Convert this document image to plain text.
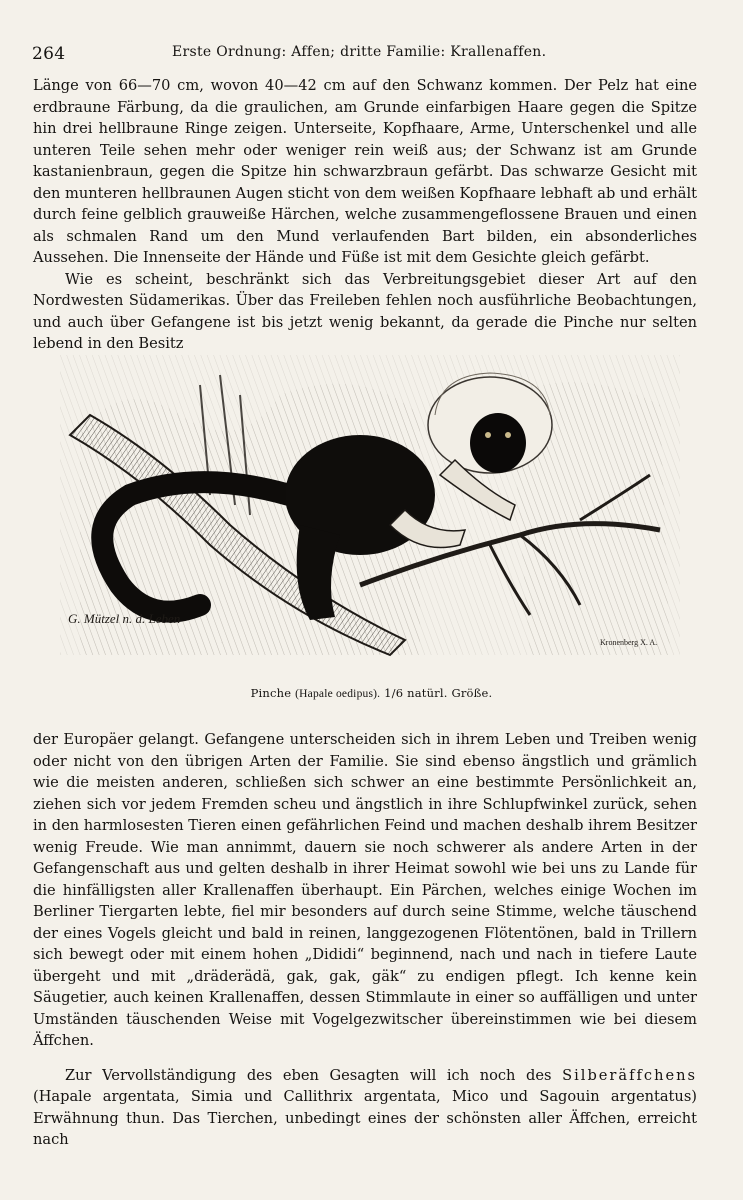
264	Erste Ordnung: Affen; dritte Familie: Krallenaffen.

Länge von 66—70 cm, wovon 40—42 cm auf den Schwanz kommen. Der Pelz hat eine erdbraune Färbung, da die graulichen, am Grunde einfarbigen Haare gegen die Spitze hin drei hellbraune Ringe zeigen. Unterseite, Kopfhaare, Arme, Unterschenkel und alle unteren Teile sehen mehr oder weniger rein weiß aus; der Schwanz ist am Grunde kastanienbraun, gegen die Spitze hin schwarzbraun gefärbt. Das schwarze Gesicht mit den munteren hellbraunen Augen sticht von dem weißen Kopfhaare lebhaft ab und erhält durch feine gelblich grauweiße Härchen, welche zusammengeflossene Brauen und einen als schmalen Rand um den Mund verlaufenden Bart bilden, ein absonderliches Aussehen. Die Innenseite der Hände und Füße ist mit dem Gesichte gleich gefärbt.

Wie es scheint, beschränkt sich das Verbreitungsgebiet dieser Art auf den Nordwesten Südamerikas. Über das Freileben fehlen noch ausführliche Beobachtungen, und auch über Gefangene ist bis jetzt wenig bekannt, da gerade die Pinche nur selten lebend in den Besitz

G. Mützel n. d. Leben
Kronenberg X. A.
Pinche (Hapale oedipus). 1/6 natürl. Größe.

der Europäer gelangt. Gefangene unterscheiden sich in ihrem Leben und Treiben wenig oder nicht von den übrigen Arten der Familie. Sie sind ebenso ängstlich und grämlich wie die meisten anderen, schließen sich schwer an eine bestimmte Persönlichkeit an, ziehen sich vor jedem Fremden scheu und ängstlich in ihre Schlupfwinkel zurück, sehen in den harmlosesten Tieren einen gefährlichen Feind und machen deshalb ihrem Besitzer wenig Freude. Wie man annimmt, dauern sie noch schwerer als andere Arten in der Gefangenschaft aus und gelten deshalb in ihrer Heimat sowohl wie bei uns zu Lande für die hinfälligsten aller Krallenaffen überhaupt. Ein Pärchen, welches einige Wochen im Berliner Tiergarten lebte, fiel mir besonders auf durch seine Stimme, welche täuschend der eines Vogels gleicht und bald in reinen, langgezogenen Flötentönen, bald in Trillern sich bewegt oder mit einem hohen „Dididi“ beginnend, nach und nach in tiefere Laute übergeht und mit „dräderädä, gak, gak, gäk“ zu endigen pflegt. Ich kenne kein Säugetier, auch keinen Krallenaffen, dessen Stimmlaute in einer so auffälligen und unter Umständen täuschenden Weise mit Vogelgezwitscher übereinstimmen wie bei diesem Äffchen.

Zur Vervollständigung des eben Gesagten will ich noch des Silberäffchens (Hapale argentata, Simia und Callithrix argentata, Mico und Sagouin argentatus) Erwähnung thun. Das Tierchen, unbedingt eines der schönsten aller Äffchen, erreicht nach
